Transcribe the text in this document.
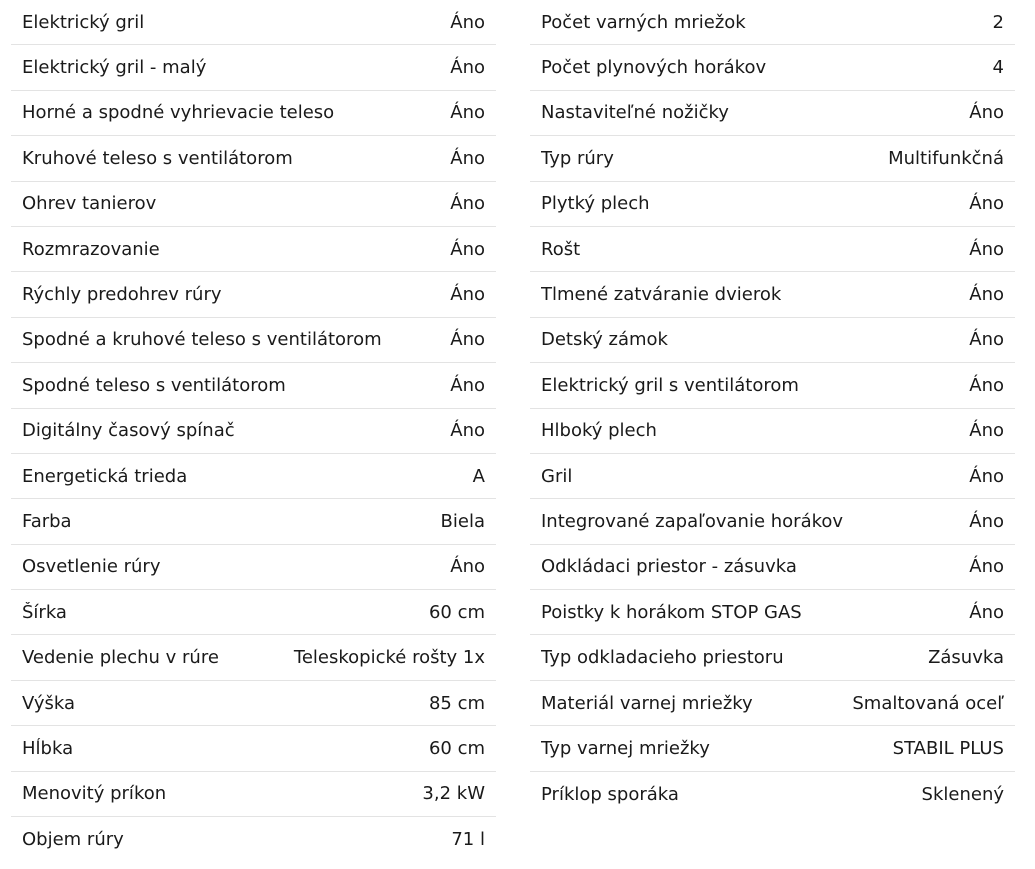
Elektrický gril	Áno
Elektrický gril - malý	Áno
Horné a spodné vyhrievacie teleso	Áno
Kruhové teleso s ventilátorom	Áno
Ohrev tanierov	Áno
Rozmrazovanie	Áno
Rýchly predohrev rúry	Áno
Spodné a kruhové teleso s ventilátorom	Áno
Spodné teleso s ventilátorom	Áno
Digitálny časový spínač	Áno
Energetická trieda	A
Farba	Biela
Osvetlenie rúry	Áno
Šírka	60 cm
Vedenie plechu v rúre	Teleskopické rošty 1x
Výška	85 cm
Hĺbka	60 cm
Menovitý príkon	3,2 kW
Objem rúry	71 l
Počet varných mriežok	2
Počet plynových horákov	4
Nastaviteľné nožičky	Áno
Typ rúry	Multifunkčná
Plytký plech	Áno
Rošt	Áno
Tlmené zatváranie dvierok	Áno
Detský zámok	Áno
Elektrický gril s ventilátorom	Áno
Hlboký plech	Áno
Gril	Áno
Integrované zapaľovanie horákov	Áno
Odkládaci priestor - zásuvka	Áno
Poistky k horákom STOP GAS	Áno
Typ odkladacieho priestoru	Zásuvka
Materiál varnej mriežky	Smaltovaná oceľ
Typ varnej mriežky	STABIL PLUS
Príklop sporáka	Sklenený
